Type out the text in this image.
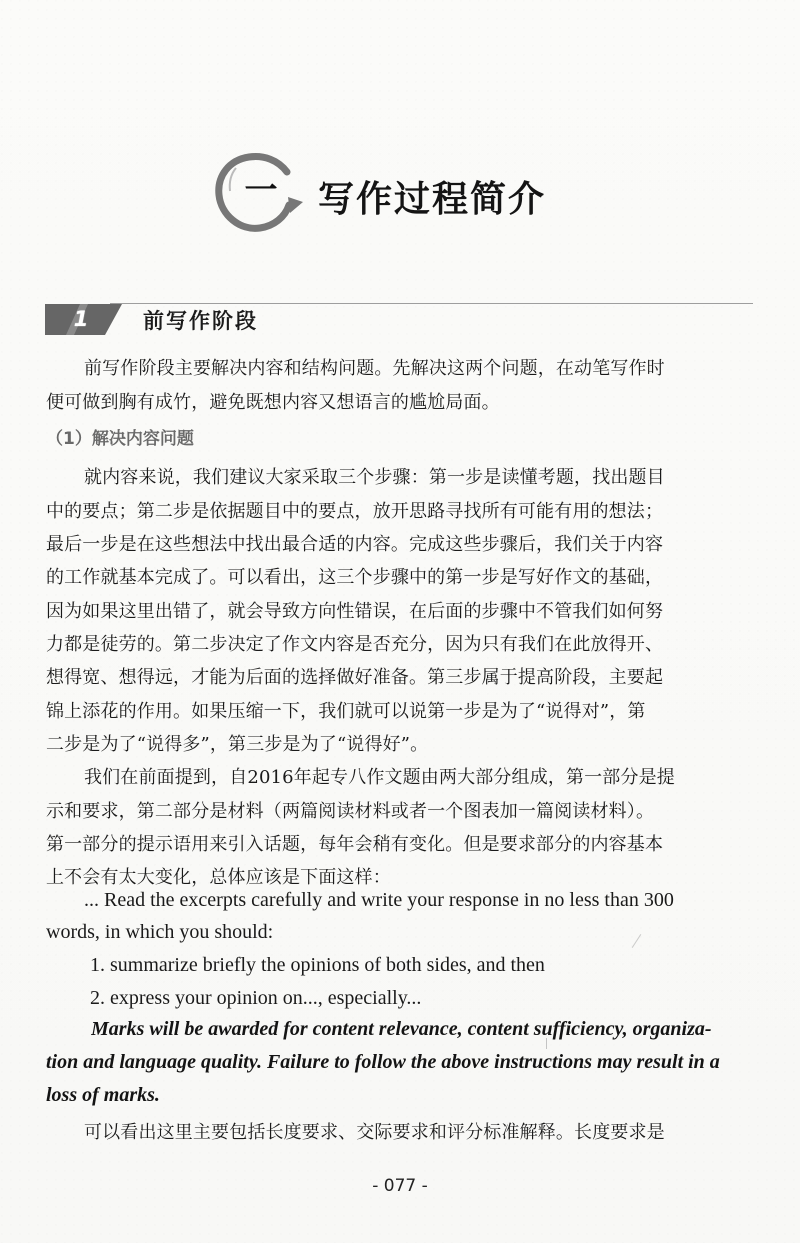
一 写作过程简介
1	前写作阶段
前写作阶段主要解决内容和结构问题。先解决这两个问题，在动笔写作时
便可做到胸有成竹，避免既想内容又想语言的尴尬局面。
（1）解决内容问题
就内容来说，我们建议大家采取三个步骤：第一步是读懂考题，找出题目
中的要点；第二步是依据题目中的要点，放开思路寻找所有可能有用的想法；
最后一步是在这些想法中找出最合适的内容。完成这些步骤后，我们关于内容
的工作就基本完成了。可以看出，这三个步骤中的第一步是写好作文的基础，
因为如果这里出错了，就会导致方向性错误，在后面的步骤中不管我们如何努
力都是徒劳的。第二步决定了作文内容是否充分，因为只有我们在此放得开、
想得宽、想得远，才能为后面的选择做好准备。第三步属于提高阶段，主要起
锦上添花的作用。如果压缩一下，我们就可以说第一步是为了“说得对”，第
二步是为了“说得多”，第三步是为了“说得好”。
我们在前面提到，自2016年起专八作文题由两大部分组成，第一部分是提
示和要求，第二部分是材料（两篇阅读材料或者一个图表加一篇阅读材料）。
第一部分的提示语用来引入话题，每年会稍有变化。但是要求部分的内容基本
上不会有太大变化，总体应该是下面这样：
... Read the excerpts carefully and write your response in no less than 300
words, in which you should:
1. summarize briefly the opinions of both sides, and then
2. express your opinion on..., especially...
Marks will be awarded for content relevance, content sufficiency, organiza-
tion and language quality. Failure to follow the above instructions may result in a
loss of marks.
可以看出这里主要包括长度要求、交际要求和评分标准解释。长度要求是
- 077 -
